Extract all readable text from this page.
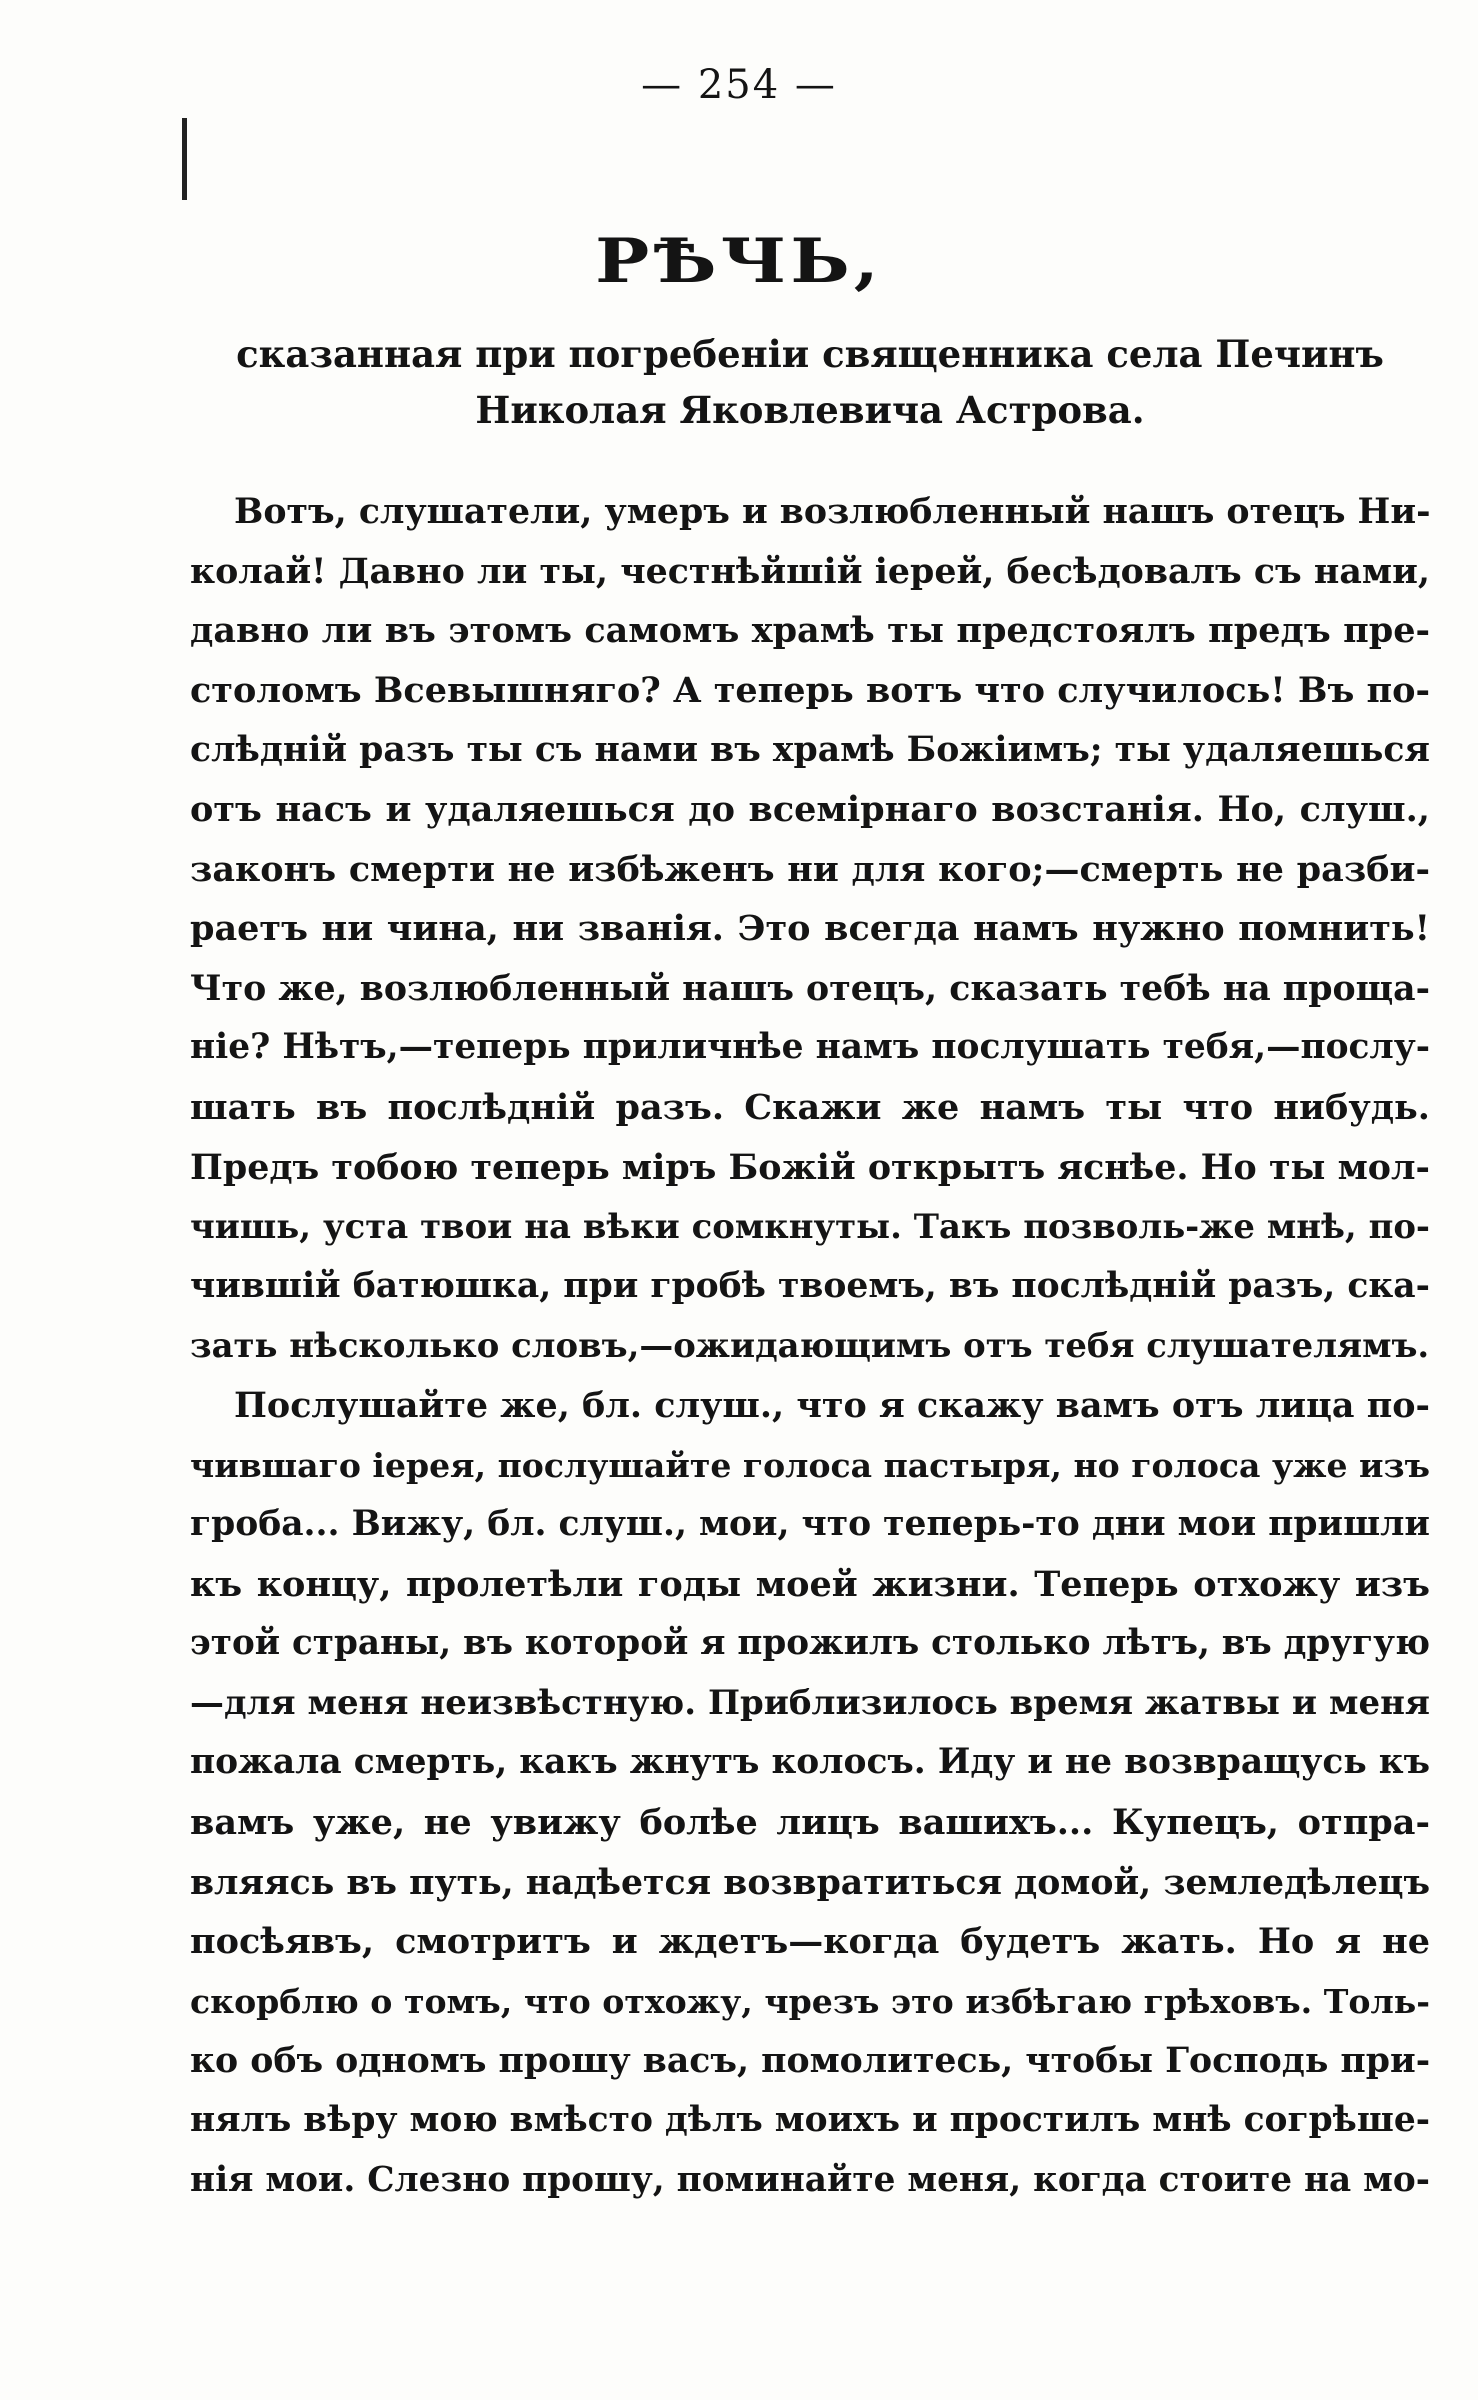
— 254 —
РѢЧЬ,
сказанная при погребеніи священника села Печинъ
Николая Яковлевича Астрова.
Вотъ, слушатели, умеръ и возлюбленный нашъ отецъ Ни-
колай! Давно ли ты, честнѣйшій іерей, бесѣдовалъ съ нами,
давно ли въ этомъ самомъ храмѣ ты предстоялъ предъ пре-
столомъ Всевышняго? А теперь вотъ что случилось! Въ по-
слѣдній разъ ты съ нами въ храмѣ Божіимъ; ты удаляешься
отъ насъ и удаляешься до всемірнаго возстанія. Но, слуш.,
законъ смерти не избѣженъ ни для кого;—смерть не разби-
раетъ ни чина, ни званія. Это всегда намъ нужно помнить!
Что же, возлюбленный нашъ отецъ, сказать тебѣ на проща-
ніе? Нѣтъ,—теперь приличнѣе намъ послушать тебя,—послу-
шать въ послѣдній разъ. Скажи же намъ ты что нибудь.
Предъ тобою теперь міръ Божій открытъ яснѣе. Но ты мол-
чишь, уста твои на вѣки сомкнуты. Такъ позволь-же мнѣ, по-
чившій батюшка, при гробѣ твоемъ, въ послѣдній разъ, ска-
зать нѣсколько словъ,—ожидающимъ отъ тебя слушателямъ.
Послушайте же, бл. слуш., что я скажу вамъ отъ лица по-
чившаго іерея, послушайте голоса пастыря, но голоса уже изъ
гроба... Вижу, бл. слуш., мои, что теперь-то дни мои пришли
къ концу, пролетѣли годы моей жизни. Теперь отхожу изъ
этой страны, въ которой я прожилъ столько лѣтъ, въ другую
—для меня неизвѣстную. Приблизилось время жатвы и меня
пожала смерть, какъ жнутъ колосъ. Иду и не возвращусь къ
вамъ уже, не увижу болѣе лицъ вашихъ... Купецъ, отпра-
вляясь въ путь, надѣется возвратиться домой, земледѣлецъ
посѣявъ, смотритъ и ждетъ—когда будетъ жать. Но я не
скорблю о томъ, что отхожу, чрезъ это избѣгаю грѣховъ. Толь-
ко объ одномъ прошу васъ, помолитесь, чтобы Господь при-
нялъ вѣру мою вмѣсто дѣлъ моихъ и простилъ мнѣ согрѣше-
нія мои. Слезно прошу, поминайте меня, когда стоите на мо-
